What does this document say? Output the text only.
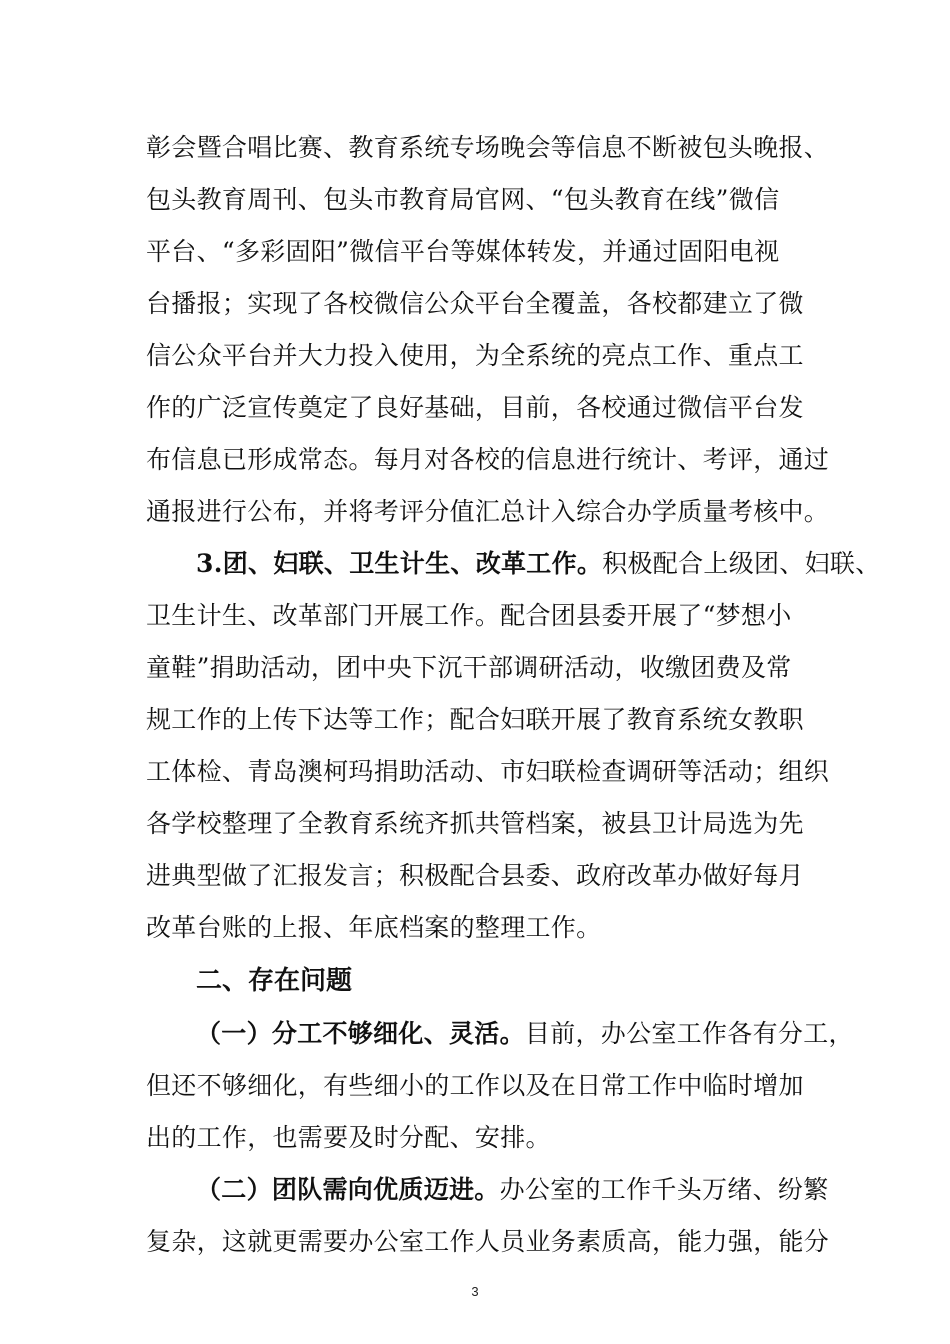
彰会暨合唱比赛、教育系统专场晚会等信息不断被包头晚报、
包头教育周刊、包头市教育局官网、“包头教育在线”微信
平台、“多彩固阳”微信平台等媒体转发，并通过固阳电视
台播报；实现了各校微信公众平台全覆盖，各校都建立了微
信公众平台并大力投入使用，为全系统的亮点工作、重点工
作的广泛宣传奠定了良好基础，目前，各校通过微信平台发
布信息已形成常态。每月对各校的信息进行统计、考评，通过
通报进行公布，并将考评分值汇总计入综合办学质量考核中。
3.团、妇联、卫生计生、改革工作。积极配合上级团、妇联、
卫生计生、改革部门开展工作。配合团县委开展了“梦想小
童鞋”捐助活动，团中央下沉干部调研活动，收缴团费及常
规工作的上传下达等工作；配合妇联开展了教育系统女教职
工体检、青岛澳柯玛捐助活动、市妇联检查调研等活动；组织
各学校整理了全教育系统齐抓共管档案，被县卫计局选为先
进典型做了汇报发言；积极配合县委、政府改革办做好每月
改革台账的上报、年底档案的整理工作。
二、存在问题
（一）分工不够细化、灵活。目前，办公室工作各有分工，
但还不够细化，有些细小的工作以及在日常工作中临时增加
出的工作，也需要及时分配、安排。
（二）团队需向优质迈进。办公室的工作千头万绪、纷繁
复杂，这就更需要办公室工作人员业务素质高，能力强，能分
3
